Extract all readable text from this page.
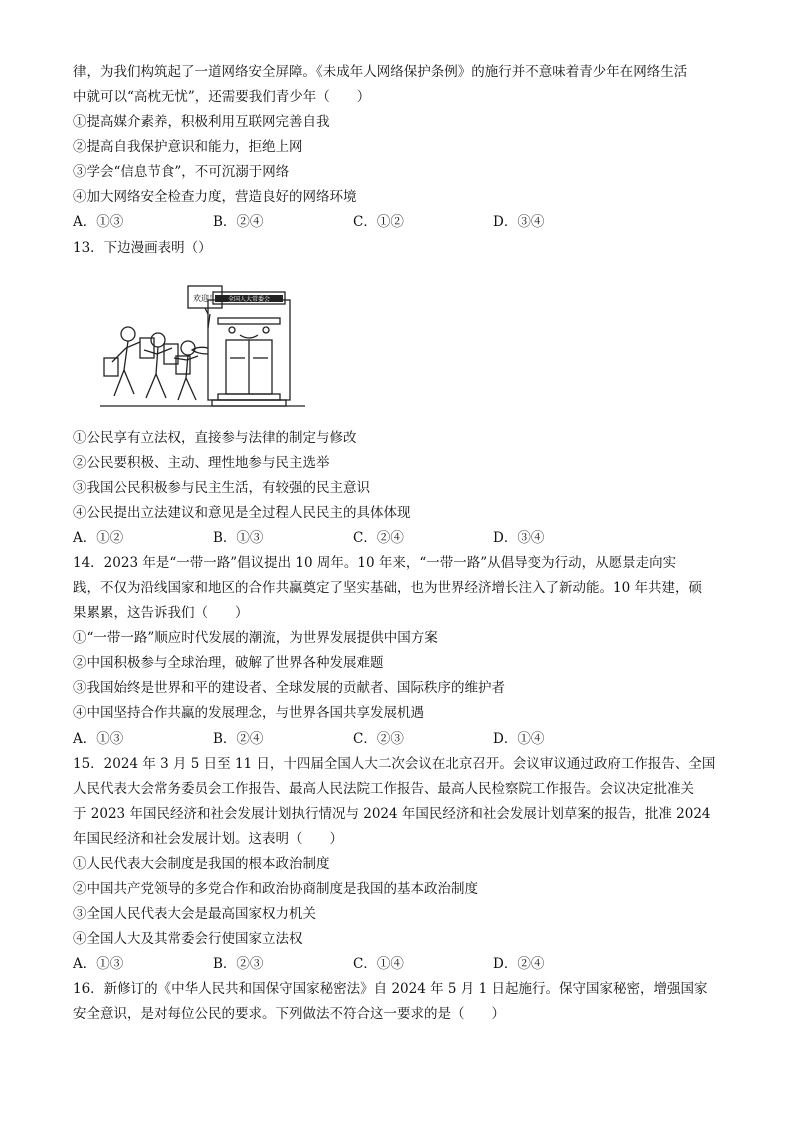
律，为我们构筑起了一道网络安全屏障。《未成年人网络保护条例》的施行并不意味着青少年在网络生活
中就可以“高枕无忧”，还需要我们青少年（　　）
①提高媒介素养，积极利用互联网完善自我
②提高自我保护意识和能力，拒绝上网
③学会“信息节食”，不可沉溺于网络
④加大网络安全检查力度，营造良好的网络环境
A．①③	B．②④	C．①②	D．③④
13．下边漫画表明（）
欢迎！ 全国人大常委会
①公民享有立法权，直接参与法律的制定与修改
②公民要积极、主动、理性地参与民主选举
③我国公民积极参与民主生活，有较强的民主意识
④公民提出立法建议和意见是全过程人民民主的具体体现
A．①②	B．①③	C．②④	D．③④
14．2023 年是“一带一路”倡议提出 10 周年。10 年来，“一带一路”从倡导变为行动，从愿景走向实
践，不仅为沿线国家和地区的合作共赢奠定了坚实基础，也为世界经济增长注入了新动能。10 年共建，硕
果累累，这告诉我们（　　）
①“一带一路”顺应时代发展的潮流，为世界发展提供中国方案
②中国积极参与全球治理，破解了世界各种发展难题
③我国始终是世界和平的建设者、全球发展的贡献者、国际秩序的维护者
④中国坚持合作共赢的发展理念，与世界各国共享发展机遇
A．①③	B．②④	C．②③	D．①④
15．2024 年 3 月 5 日至 11 日，十四届全国人大二次会议在北京召开。会议审议通过政府工作报告、全国
人民代表大会常务委员会工作报告、最高人民法院工作报告、最高人民检察院工作报告。会议决定批准关
于 2023 年国民经济和社会发展计划执行情况与 2024 年国民经济和社会发展计划草案的报告，批准 2024
年国民经济和社会发展计划。这表明（　　）
①人民代表大会制度是我国的根本政治制度
②中国共产党领导的多党合作和政治协商制度是我国的基本政治制度
③全国人民代表大会是最高国家权力机关
④全国人大及其常委会行使国家立法权
A．①③	B．②③	C．①④	D．②④
16．新修订的《中华人民共和国保守国家秘密法》自 2024 年 5 月 1 日起施行。保守国家秘密，增强国家
安全意识，是对每位公民的要求。下列做法不符合这一要求的是（　　）
